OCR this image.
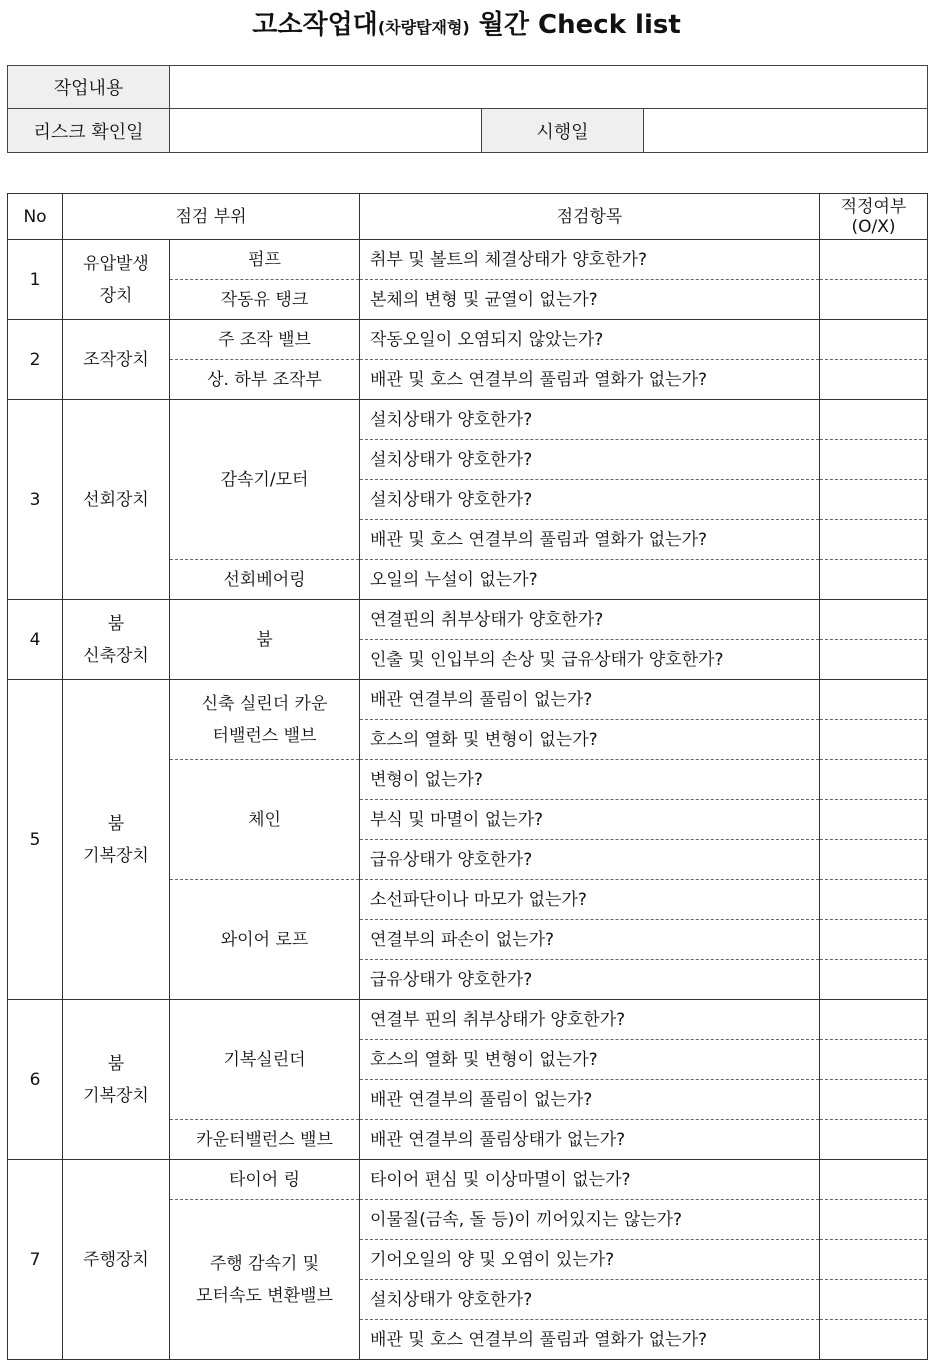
고소작업대(차량탑재형) 월간 Check list
작업내용			
리스크 확인일		시행일	
No	점검 부위		점검항목	적정여부
(O/X)
1	유압발생
장치	펌프	취부 및 볼트의 체결상태가 양호한가?	
		작동유 탱크	본체의 변형 및 균열이 없는가?	
2	조작장치	주 조작 밸브	작동오일이 오염되지 않았는가?	
		상. 하부 조작부	배관 및 호스 연결부의 풀림과 열화가 없는가?	
3	선회장치	감속기/모터	설치상태가 양호한가?	
			설치상태가 양호한가?	
			설치상태가 양호한가?	
			배관 및 호스 연결부의 풀림과 열화가 없는가?	
		선회베어링	오일의 누설이 없는가?	
4	붐
신축장치	붐	연결핀의 취부상태가 양호한가?	
			인출 및 인입부의 손상 및 급유상태가 양호한가?	
5	붐
기복장치	신축 실린더 카운
터밸런스 밸브	배관 연결부의 풀림이 없는가?	
			호스의 열화 및 변형이 없는가?	
		체인	변형이 없는가?	
			부식 및 마멸이 없는가?	
			급유상태가 양호한가?	
		와이어 로프	소선파단이나 마모가 없는가?	
			연결부의 파손이 없는가?	
			급유상태가 양호한가?	
6	붐
기복장치	기복실린더	연결부 핀의 취부상태가 양호한가?	
			호스의 열화 및 변형이 없는가?	
			배관 연결부의 풀림이 없는가?	
		카운터밸런스 밸브	배관 연결부의 풀림상태가 없는가?	
7	주행장치	타이어 링	타이어 편심 및 이상마멸이 없는가?	
		주행 감속기 및
모터속도 변환밸브	이물질(금속, 돌 등)이 끼어있지는 않는가?	
			기어오일의 양 및 오염이 있는가?	
			설치상태가 양호한가?	
			배관 및 호스 연결부의 풀림과 열화가 없는가?	
